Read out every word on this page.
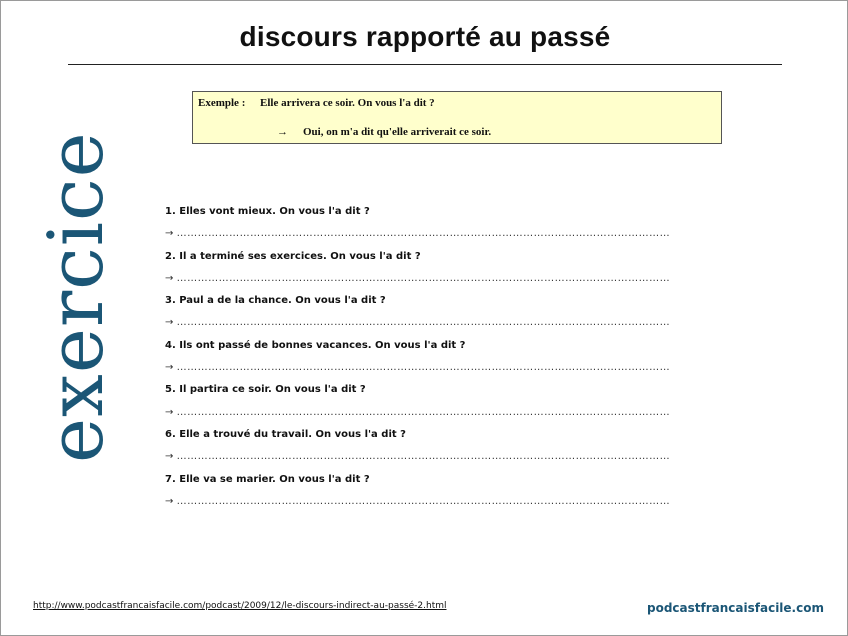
discours rapporté au passé
Exemple : Elle arrivera ce soir. On vous l'a dit ?
→ Oui, on m'a dit qu'elle arriverait ce soir.
exercice	1. Elles vont mieux. On vous l'a dit ?
→ ……………………………………………………………………………………………………………………………
2. Il a terminé ses exercices. On vous l'a dit ?
→ ……………………………………………………………………………………………………………………………
3. Paul a de la chance. On vous l'a dit ?
→ ……………………………………………………………………………………………………………………………
4. Ils ont passé de bonnes vacances. On vous l'a dit ?
→ ……………………………………………………………………………………………………………………………
5. Il partira ce soir. On vous l'a dit ?
→ ……………………………………………………………………………………………………………………………
6. Elle a trouvé du travail. On vous l'a dit ?
→ ……………………………………………………………………………………………………………………………
7. Elle va se marier. On vous l'a dit ?
→ ……………………………………………………………………………………………………………………………
http://www.podcastfrancaisfacile.com/podcast/2009/12/le-discours-indirect-au-passé-2.html	podcastfrancaisfacile.com
